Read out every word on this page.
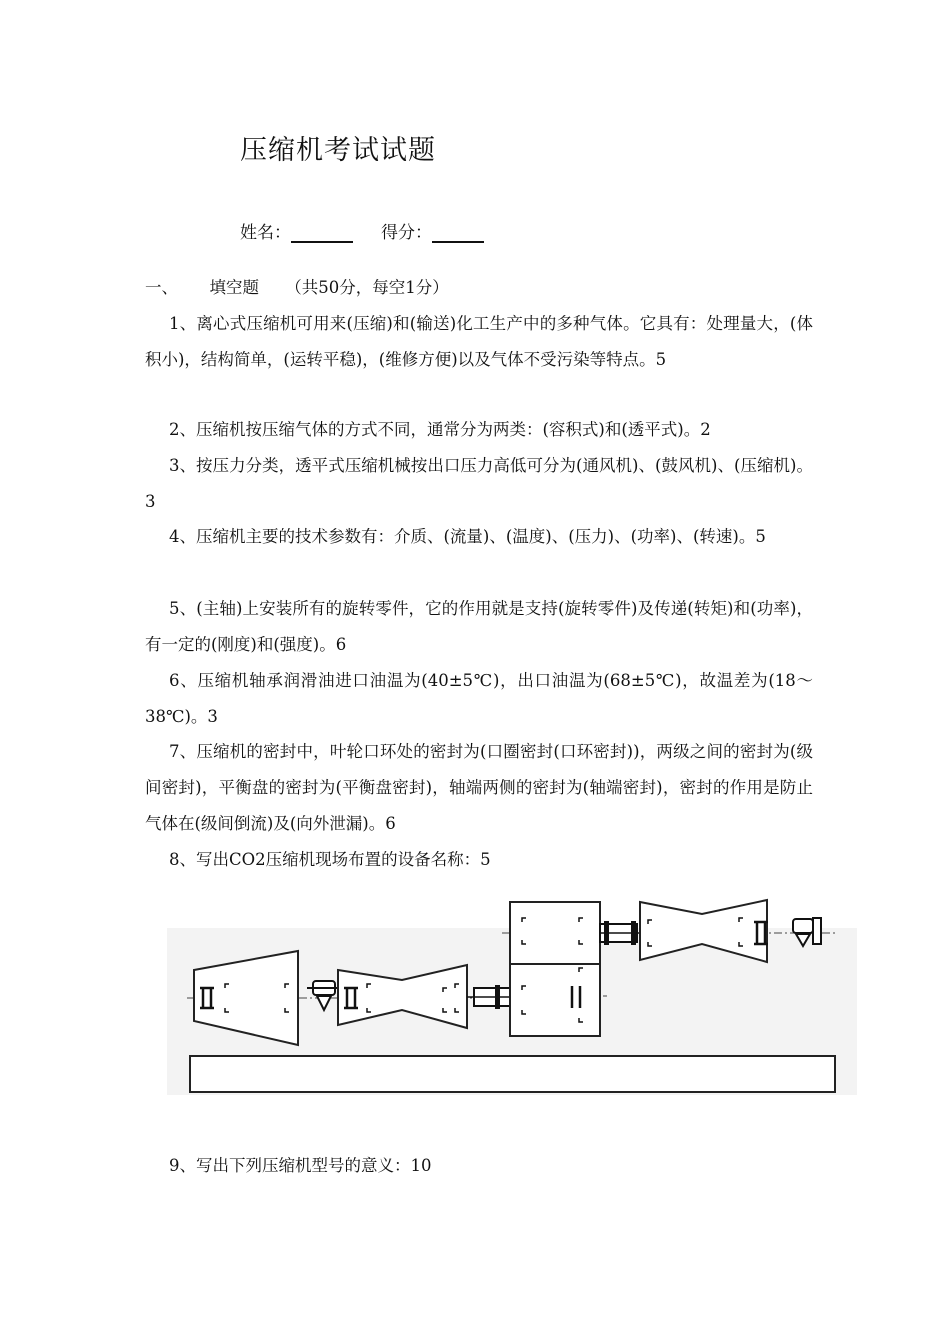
压缩机考试试题
姓名：	得分：
一、 填空题 （共50分，每空1分）
1、离心式压缩机可用来(压缩)和(输送)化工生产中的多种气体。它具有：处理量大，(体积小)，结构简单，(运转平稳)，(维修方便)以及气体不受污染等特点。5
2、压缩机按压缩气体的方式不同，通常分为两类：(容积式)和(透平式)。2
3、按压力分类，透平式压缩机械按出口压力高低可分为(通风机)、(鼓风机)、(压缩机)。3
4、压缩机主要的技术参数有：介质、(流量)、(温度)、(压力)、(功率)、(转速)。5
5、(主轴)上安装所有的旋转零件，它的作用就是支持(旋转零件)及传递(转矩)和(功率)，有一定的(刚度)和(强度)。6
6、压缩机轴承润滑油进口油温为(40±5℃)，出口油温为(68±5℃)，故温差为(18～38℃)。3
7、压缩机的密封中，叶轮口环处的密封为(口圈密封(口环密封))，两级之间的密封为(级间密封)，平衡盘的密封为(平衡盘密封)，轴端两侧的密封为(轴端密封)，密封的作用是防止气体在(级间倒流)及(向外泄漏)。6
8、写出CO2压缩机现场布置的设备名称：5
9、写出下列压缩机型号的意义：10
